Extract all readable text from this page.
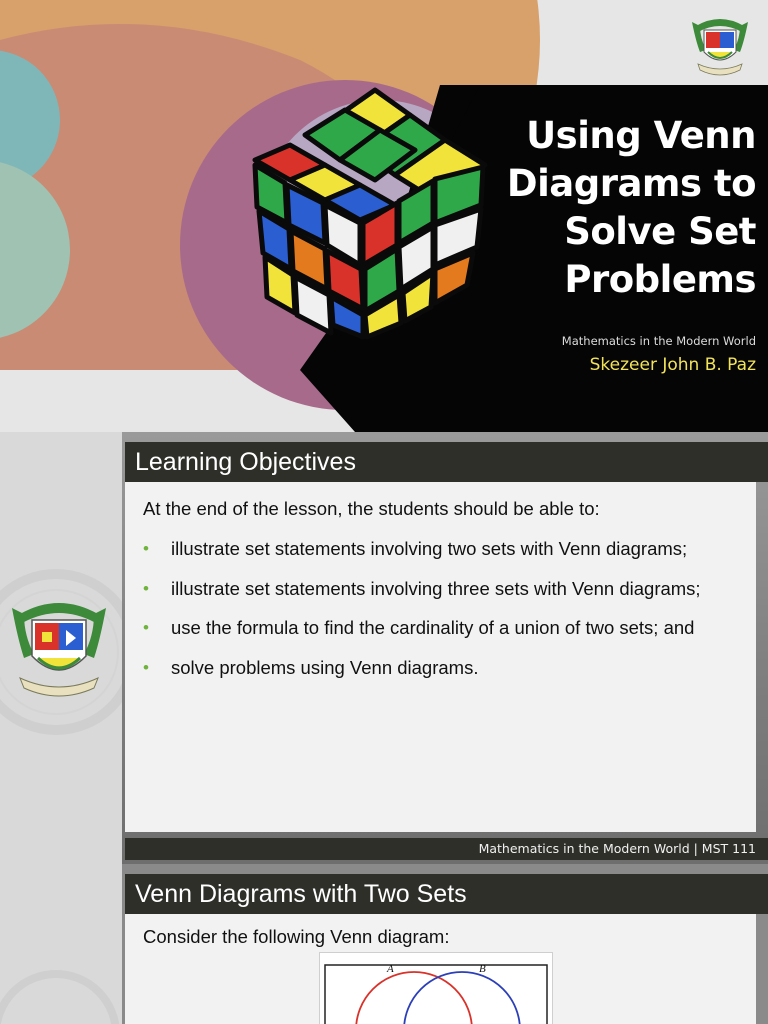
Using Venn
Diagrams to
Solve Set
Problems
Mathematics in the Modern World
Skezeer John B. Paz
Learning Objectives
At the end of the lesson, the students should be able to:
• illustrate set statements involving two sets with Venn diagrams;
• illustrate set statements involving three sets with Venn diagrams;
• use the formula to find the cardinality of a union of two sets; and
• solve problems using Venn diagrams.
Mathematics in the Modern World | MST 111
Venn Diagrams with Two Sets
Consider the following Venn diagram:
A	B
